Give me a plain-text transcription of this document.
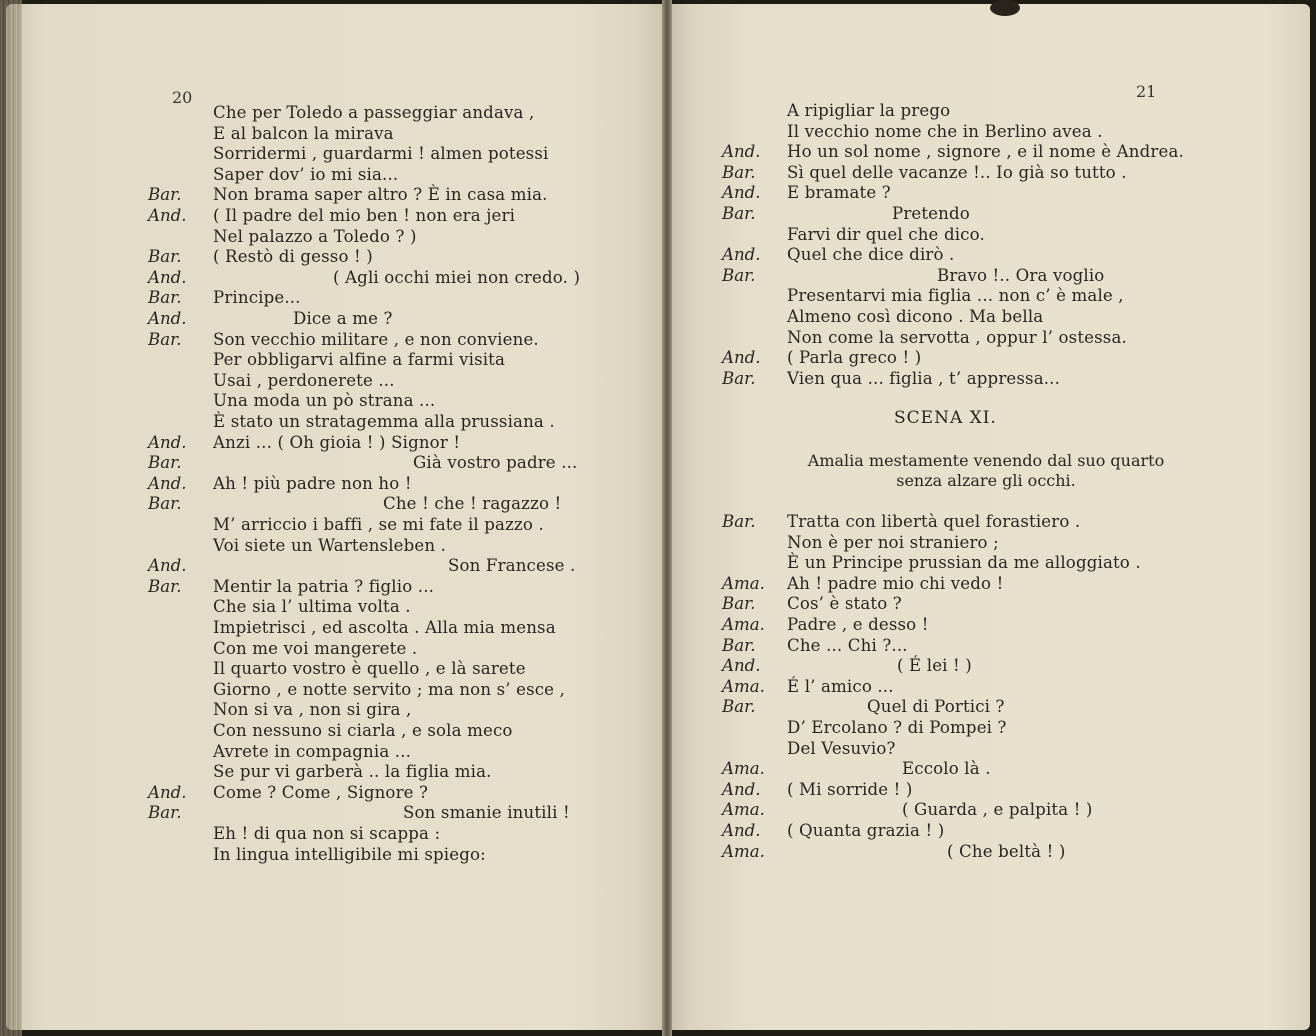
20
Che per Toledo a passeggiar andava ,
E al balcon la mirava
Sorridermi , guardarmi ! almen potessi
Saper dov’ io mi sia...
Bar. Non brama saper altro ? È in casa mia.
And. ( Il padre del mio ben ! non era jeri
Nel palazzo a Toledo ? )
Bar. ( Restò di gesso ! )
And.	( Agli occhi miei non credo. )
Bar. Principe...
And.	Dice a me ?
Bar. Son vecchio militare , e non conviene.
Per obbligarvi alfine a farmi visita
Usai , perdonerete ...
Una moda un pò strana ...
È stato un stratagemma alla prussiana .
And. Anzi ... ( Oh gioia ! ) Signor !
Bar.	Già vostro padre ...
And. Ah ! più padre non ho !
Bar.	Che ! che ! ragazzo !
M’ arriccio i baffi , se mi fate il pazzo .
Voi siete un Wartensleben .
And.	Son Francese .
Bar. Mentir la patria ? figlio ...
Che sia l’ ultima volta .
Impietrisci , ed ascolta . Alla mia mensa
Con me voi mangerete .
Il quarto vostro è quello , e là sarete
Giorno , e notte servito ; ma non s’ esce ,
Non si va , non si gira ,
Con nessuno si ciarla , e sola meco
Avrete in compagnia ...
Se pur vi garberà .. la figlia mia.
And. Come ? Come , Signore ?
Bar.	Son smanie inutili !
Eh ! di qua non si scappa :
In lingua intelligibile mi spiego:
21
SCENA XI.
Amalia mestamente venendo dal suo quarto
senza alzare gli occhi.
A ripigliar la prego
Il vecchio nome che in Berlino avea .
And. Ho un sol nome , signore , e il nome è Andrea.
Bar. Sì quel delle vacanze !.. Io già so tutto .
And. E bramate ?
Bar.	Pretendo
Farvi dir quel che dico.
And. Quel che dice dirò .
Bar.	Bravo !.. Ora voglio
Presentarvi mia figlia ... non c’ è male ,
Almeno così dicono . Ma bella
Non come la servotta , oppur l’ ostessa.
And. ( Parla greco ! )
Bar. Vien qua ... figlia , t’ appressa...
Bar. Tratta con libertà quel forastiero .
Non è per noi straniero ;
È un Principe prussian da me alloggiato .
Ama. Ah ! padre mio chi vedo !
Bar. Cos’ è stato ?
Ama. Padre , e desso !
Bar. Che ... Chi ?...
And.	( É lei ! )
Ama. É l’ amico ...
Bar.	Quel di Portici ?
D’ Ercolano ? di Pompei ?
Del Vesuvio?
Ama.	Eccolo là .
And. ( Mi sorride ! )
Ama.	( Guarda , e palpita ! )
And. ( Quanta grazia ! )
Ama.	( Che beltà ! )
